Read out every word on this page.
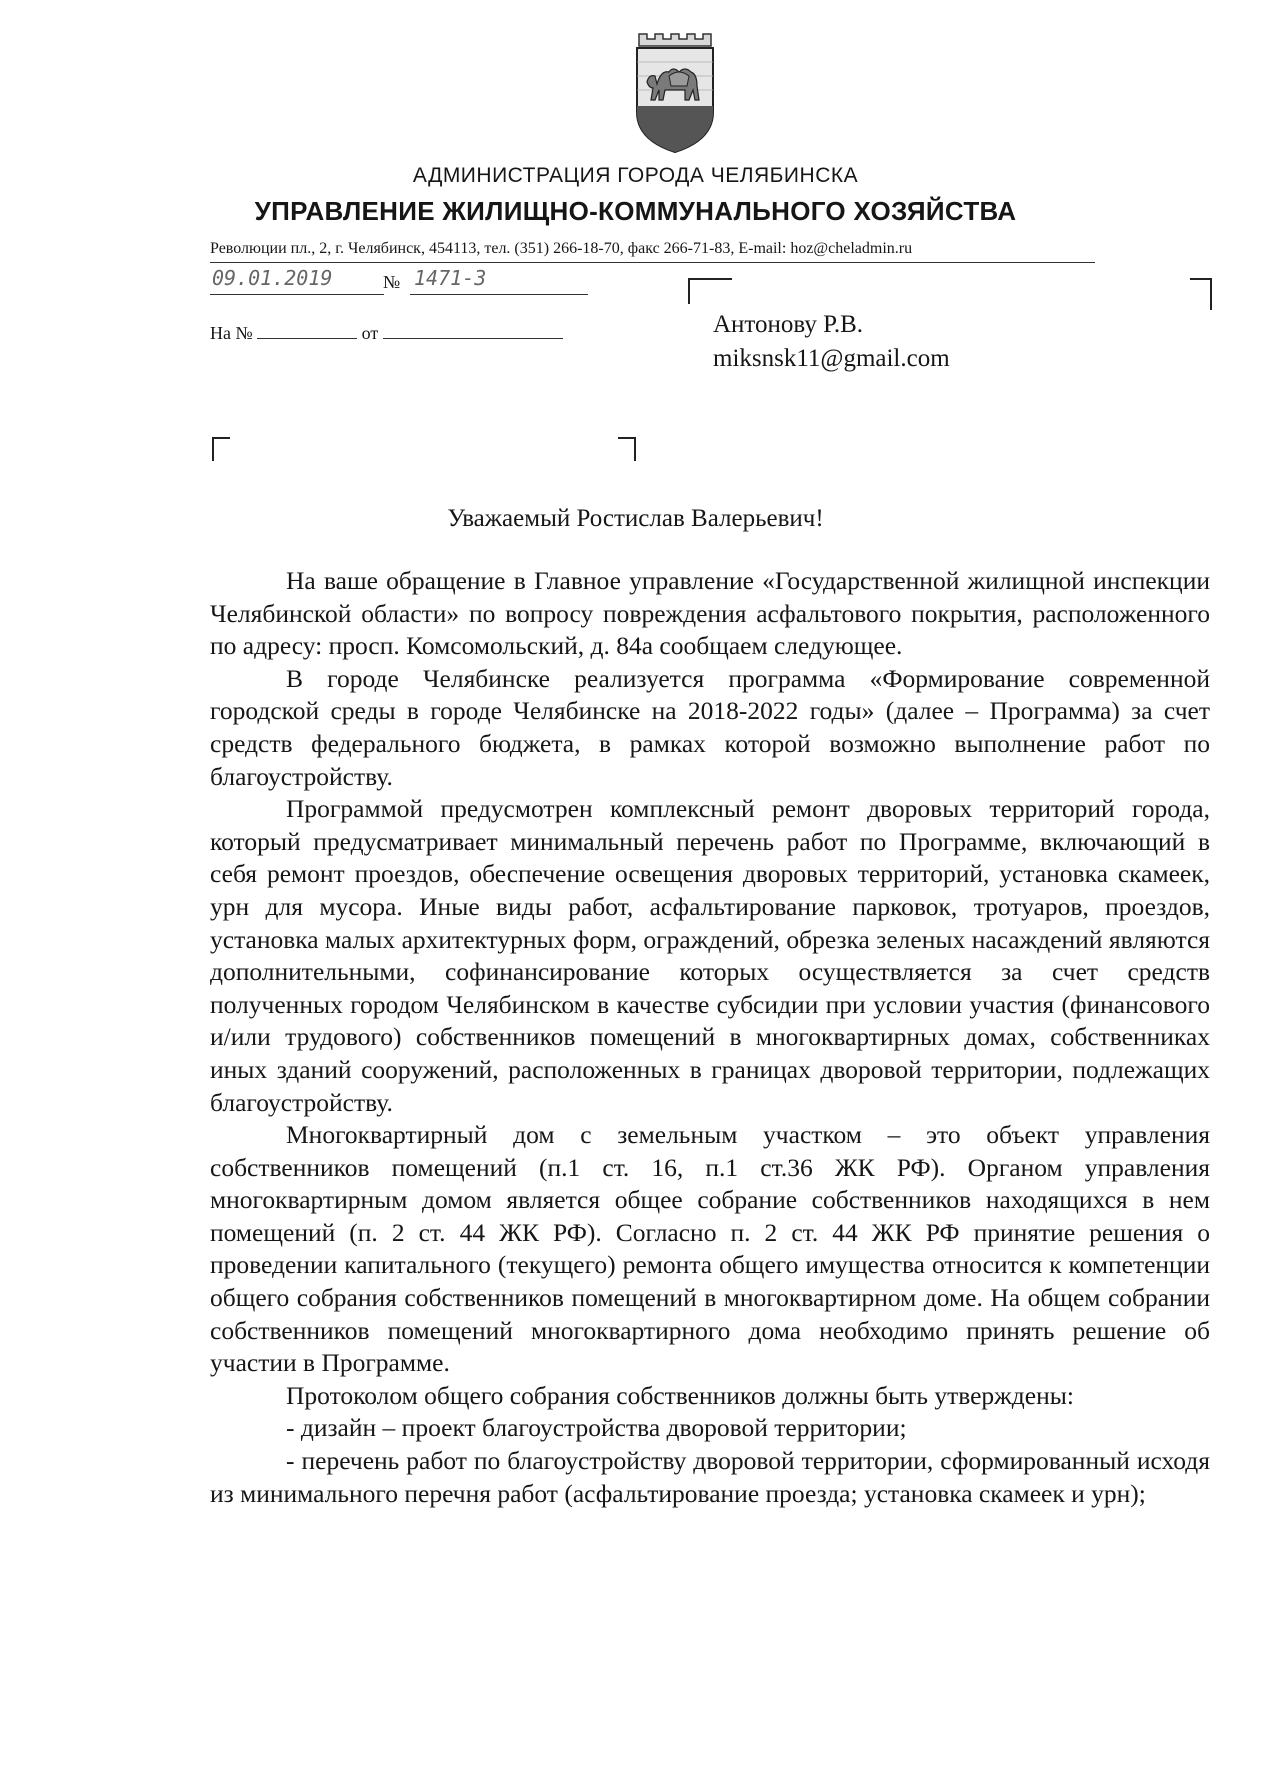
АДМИНИСТРАЦИЯ ГОРОДА ЧЕЛЯБИНСКА
УПРАВЛЕНИЕ ЖИЛИЩНО-КОММУНАЛЬНОГО ХОЗЯЙСТВА
Революции пл., 2, г. Челябинск, 454113, тел. (351) 266-18-70, факс 266-71-83, E-mail: hoz@cheladmin.ru
09.01.2019	№ 1471-3
На №	от	Антонову Р.В.
miksnsk11@gmail.com
Уважаемый Ростислав Валерьевич!

На ваше обращение в Главное управление «Государственной жилищной инспекции Челябинской области» по вопросу повреждения асфальтового покрытия, расположенного по адресу: просп. Комсомольский, д. 84а сообщаем следующее.

В городе Челябинске реализуется программа «Формирование современной городской среды в городе Челябинске на 2018-2022 годы» (далее – Программа) за счет средств федерального бюджета, в рамках которой возможно выполнение работ по благоустройству.

Программой предусмотрен комплексный ремонт дворовых территорий города, который предусматривает минимальный перечень работ по Программе, включающий в себя ремонт проездов, обеспечение освещения дворовых территорий, установка скамеек, урн для мусора. Иные виды работ, асфальтирование парковок, тротуаров, проездов, установка малых архитектурных форм, ограждений, обрезка зеленых насаждений являются дополнительными, софинансирование которых осуществляется за счет средств полученных городом Челябинском в качестве субсидии при условии участия (финансового и/или трудового) собственников помещений в многоквартирных домах, собственниках иных зданий сооружений, расположенных в границах дворовой территории, подлежащих благоустройству.

Многоквартирный дом с земельным участком – это объект управления собственников помещений (п.1 ст. 16, п.1 ст.36 ЖК РФ). Органом управления многоквартирным домом является общее собрание собственников находящихся в нем помещений (п. 2 ст. 44 ЖК РФ). Согласно п. 2 ст. 44 ЖК РФ принятие решения о проведении капитального (текущего) ремонта общего имущества относится к компетенции общего собрания собственников помещений в многоквартирном доме. На общем собрании собственников помещений многоквартирного дома необходимо принять решение об участии в Программе.

Протоколом общего собрания собственников должны быть утверждены:

- дизайн – проект благоустройства дворовой территории;

- перечень работ по благоустройству дворовой территории, сформированный исходя из минимального перечня работ (асфальтирование проезда; установка скамеек и урн);
